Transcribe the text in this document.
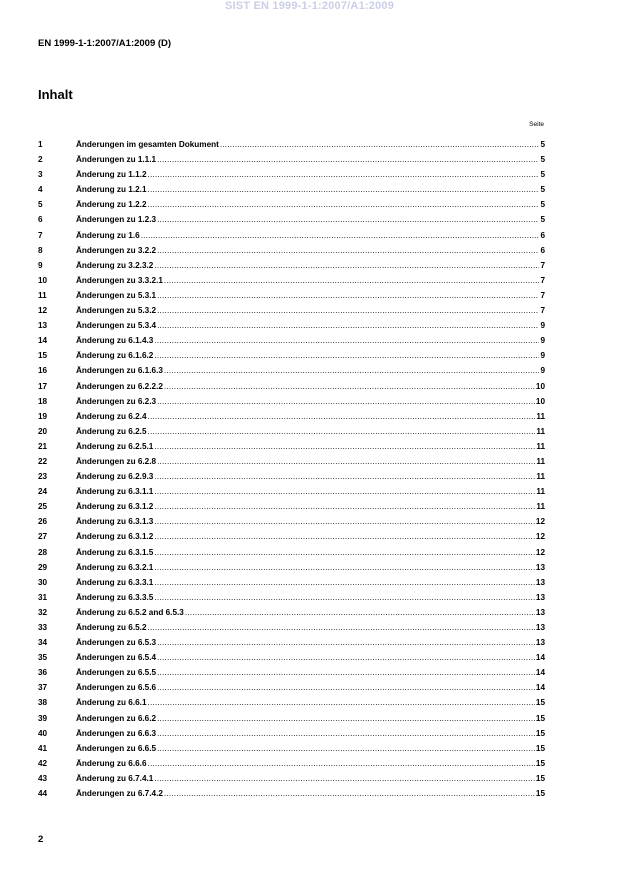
SIST EN 1999-1-1:2007/A1:2009
EN 1999-1-1:2007/A1:2009 (D)
Inhalt
Seite
1	Änderungen im gesamten Dokument .....	5
2	Änderungen zu 1.1.1 .....	5
3	Änderung zu 1.1.2 .....	5
4	Änderung zu 1.2.1 .....	5
5	Änderung zu 1.2.2 .....	5
6	Änderungen zu 1.2.3 .....	5
7	Änderung zu 1.6 .....	6
8	Änderungen zu 3.2.2 .....	6
9	Änderung zu 3.2.3.2 .....	7
10	Änderungen zu 3.3.2.1 .....	7
11	Änderungen zu 5.3.1 .....	7
12	Änderungen zu 5.3.2 .....	7
13	Änderungen zu 5.3.4 .....	9
14	Änderung zu 6.1.4.3 .....	9
15	Änderung zu 6.1.6.2 .....	9
16	Änderungen zu 6.1.6.3 .....	9
17	Änderungen zu 6.2.2.2 .....	10
18	Änderungen zu 6.2.3 .....	10
19	Änderung zu 6.2.4 .....	11
20	Änderung zu 6.2.5 .....	11
21	Änderung zu 6.2.5.1 .....	11
22	Änderungen zu 6.2.8 .....	11
23	Änderung zu 6.2.9.3 .....	11
24	Änderung zu 6.3.1.1 .....	11
25	Änderung zu 6.3.1.2 .....	11
26	Änderung zu 6.3.1.3 .....	12
27	Änderung zu 6.3.1.2 .....	12
28	Änderung zu 6.3.1.5 .....	12
29	Änderung zu 6.3.2.1 .....	13
30	Änderung zu 6.3.3.1 .....	13
31	Änderung zu 6.3.3.5 .....	13
32	Änderung zu 6.5.2 and 6.5.3 .....	13
33	Änderung zu 6.5.2 .....	13
34	Änderungen zu 6.5.3 .....	13
35	Änderungen zu 6.5.4 .....	14
36	Änderungen zu 6.5.5 .....	14
37	Änderungen zu 6.5.6 .....	14
38	Änderung zu 6.6.1 .....	15
39	Änderungen zu 6.6.2 .....	15
40	Änderungen zu 6.6.3 .....	15
41	Änderungen zu 6.6.5 .....	15
42	Änderung zu 6.6.6 .....	15
43	Änderung zu 6.7.4.1 .....	15
44	Änderungen zu 6.7.4.2 .....	15
2
